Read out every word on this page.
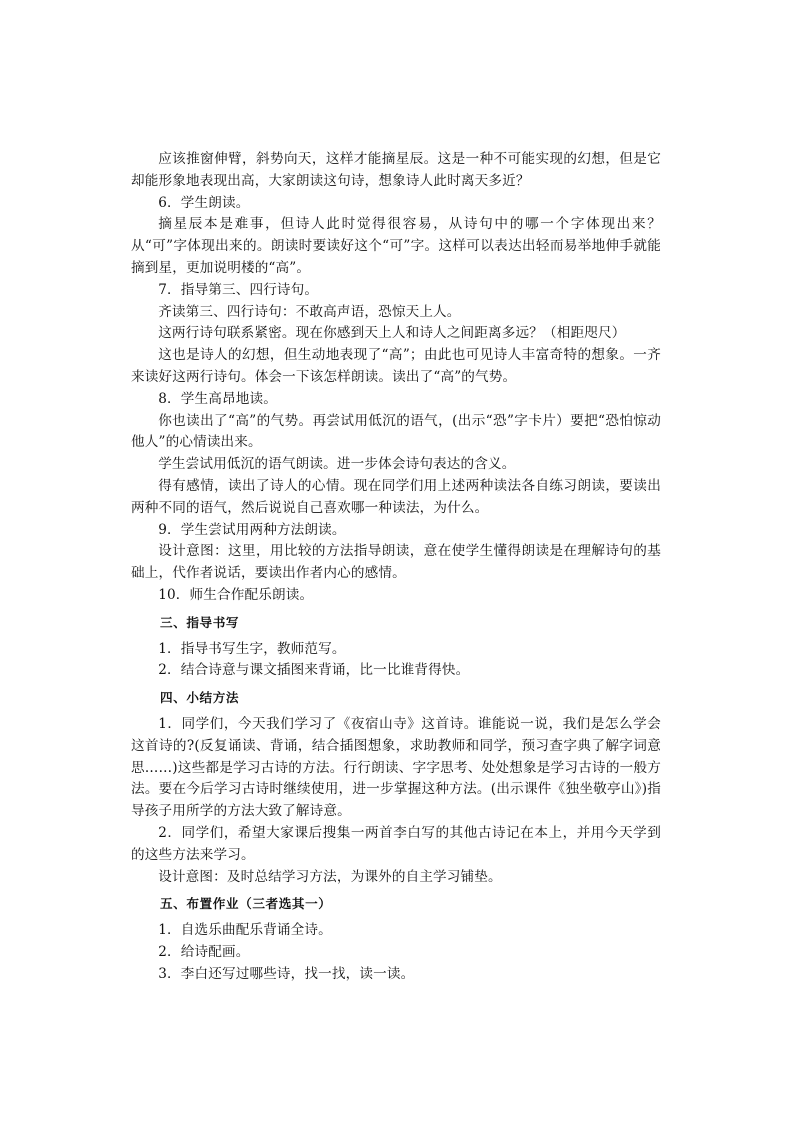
应该推窗伸臂，斜势向天，这样才能摘星辰。这是一种不可能实现的幻想，但是它却能形象地表现出高，大家朗读这句诗，想象诗人此时离天多近？

6．学生朗读。

摘星辰本是难事，但诗人此时觉得很容易，从诗句中的哪一个字体现出来？从“可”字体现出来的。朗读时要读好这个“可”字。这样可以表达出轻而易举地伸手就能摘到星，更加说明楼的“高”。

7．指导第三、四行诗句。

齐读第三、四行诗句：不敢高声语，恐惊天上人。

这两行诗句联系紧密。现在你感到天上人和诗人之间距离多远？（相距咫尺）

这也是诗人的幻想，但生动地表现了“高”；由此也可见诗人丰富奇特的想象。一齐来读好这两行诗句。体会一下该怎样朗读。读出了“高”的气势。

8．学生高昂地读。

你也读出了“高”的气势。再尝试用低沉的语气，(出示“恐”字卡片）要把“恐怕惊动他人”的心情读出来。

学生尝试用低沉的语气朗读。进一步体会诗句表达的含义。

得有感情，读出了诗人的心情。现在同学们用上述两种读法各自练习朗读，要读出两种不同的语气，然后说说自己喜欢哪一种读法，为什么。

9．学生尝试用两种方法朗读。

设计意图：这里，用比较的方法指导朗读，意在使学生懂得朗读是在理解诗句的基础上，代作者说话，要读出作者内心的感情。

10．师生合作配乐朗读。

三、指导书写

1．指导书写生字，教师范写。

2．结合诗意与课文插图来背诵，比一比谁背得快。

四、小结方法

1．同学们，今天我们学习了《夜宿山寺》这首诗。谁能说一说，我们是怎么学会这首诗的?(反复诵读、背诵，结合插图想象，求助教师和同学，预习查字典了解字词意思……)这些都是学习古诗的方法。行行朗读、字字思考、处处想象是学习古诗的一般方法。要在今后学习古诗时继续使用，进一步掌握这种方法。(出示课件《独坐敬亭山》)指导孩子用所学的方法大致了解诗意。

2．同学们，希望大家课后搜集一两首李白写的其他古诗记在本上，并用今天学到的这些方法来学习。

设计意图：及时总结学习方法，为课外的自主学习铺垫。

五、布置作业（三者选其一）

1．自选乐曲配乐背诵全诗。

2．给诗配画。

3．李白还写过哪些诗，找一找，读一读。
